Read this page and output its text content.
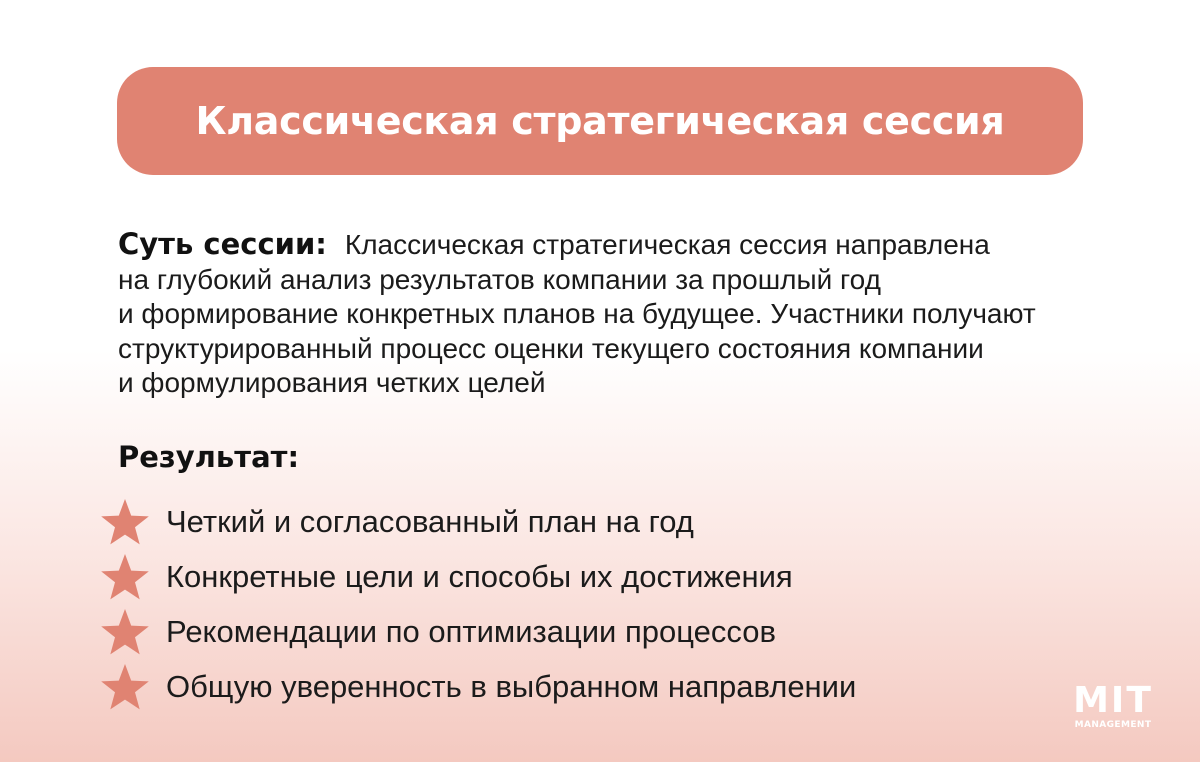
Классическая стратегическая сессия
Суть сессии: Классическая стратегическая сессия направлена
на глубокий анализ результатов компании за прошлый год
и формирование конкретных планов на будущее. Участники получают
структурированный процесс оценки текущего состояния компании
и формулирования четких целей
Результат:
Четкий и согласованный план на год
Конкретные цели и способы их достижения
Рекомендации по оптимизации процессов
Общую уверенность в выбранном направлении	MIT
MANAGEMENT
